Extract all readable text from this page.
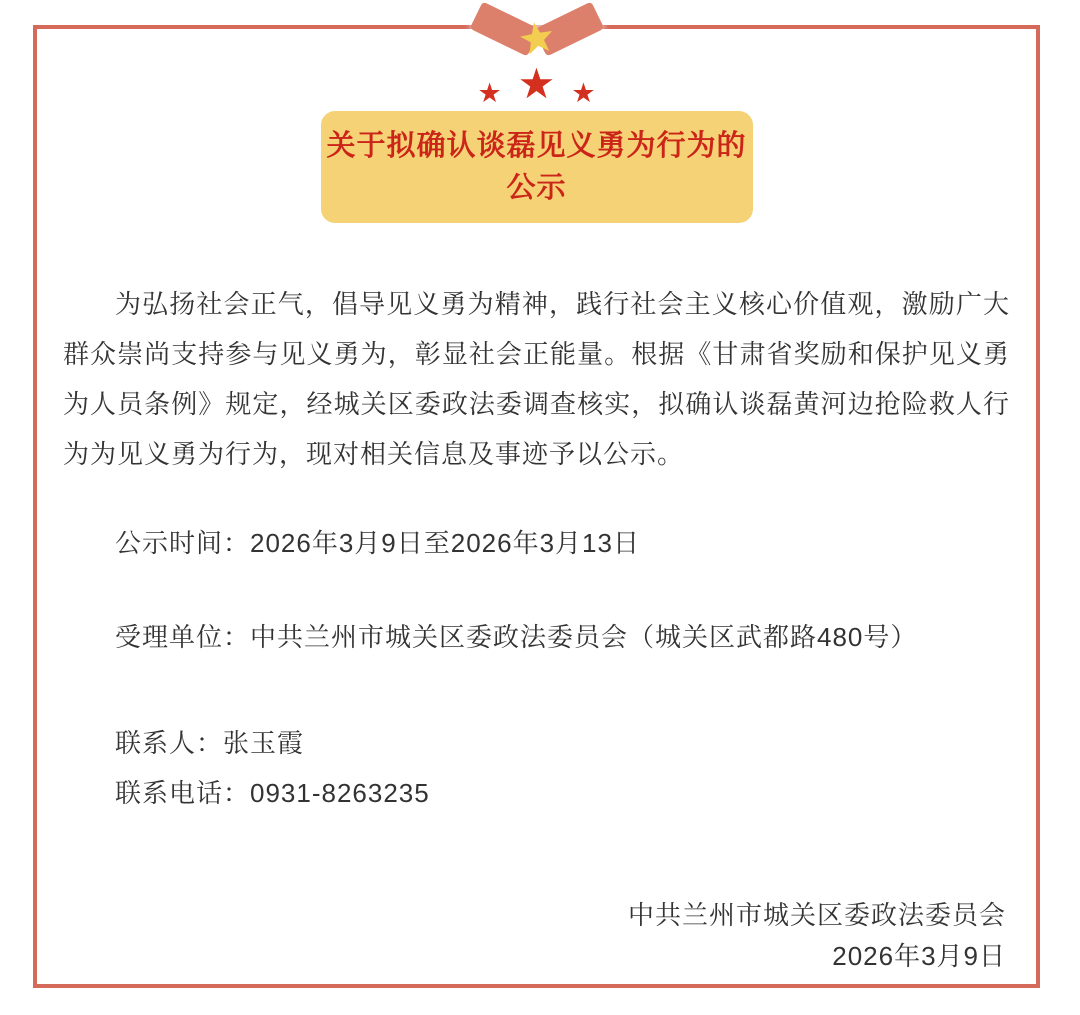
★ ★ ★
关于拟确认谈磊见义勇为行为的
公示

为弘扬社会正气，倡导见义勇为精神，践行社会主义核心价值观，激励广大群众崇尚支持参与见义勇为，彰显社会正能量。根据《甘肃省奖励和保护见义勇为人员条例》规定，经城关区委政法委调查核实，拟确认谈磊黄河边抢险救人行为为见义勇为行为，现对相关信息及事迹予以公示。

公示时间：2026年3月9日至2026年3月13日
受理单位：中共兰州市城关区委政法委员会（城关区武都路480号）
联系人：张玉霞
联系电话：0931-8263235
中共兰州市城关区委政法委员会
2026年3月9日
